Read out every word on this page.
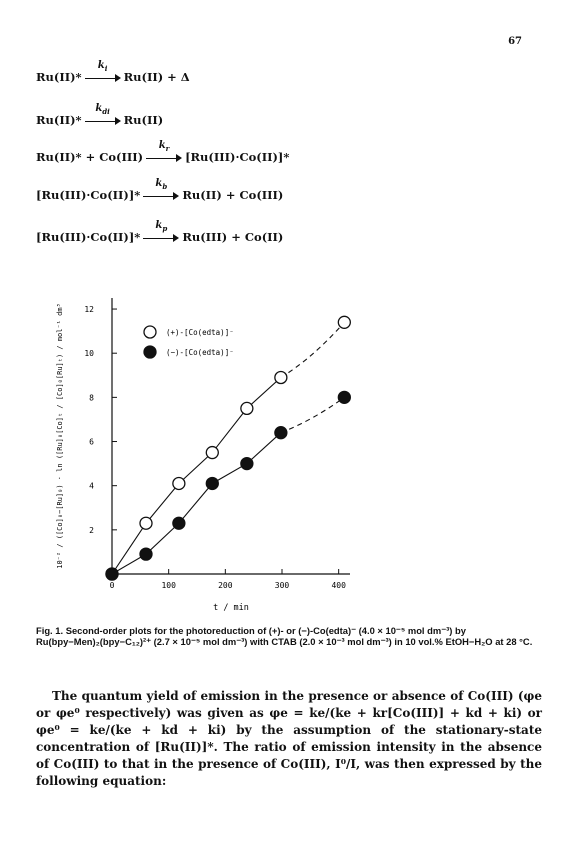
67
Ru(II)*
$k_i$
Ru(II) + Δ
Ru(II)*
$k_{di}$
Ru(II)
Ru(II)* + Co(III)
$k_r$
[Ru(III)·Co(II)]*
[Ru(III)·Co(II)]*
$k_b$
Ru(II) + Co(III)
[Ru(III)·Co(II)]*
$k_p$
Ru(III) + Co(II)
0	100	200	300	400
2
4
6
8
10
12
t / min
10⁻² / ([Co]₀−[Ru]₀) · ln ([Ru]₀[Co]ₜ / [Co]₀[Ru]ₜ) / mol⁻¹ dm³	(+)-[Co(edta)]⁻
(−)-[Co(edta)]⁻
Fig. 1. Second-order plots for the photoreduction of (+)- or (−)-Co(edta)⁻ (4.0 × 10⁻⁵ mol dm⁻³) by Ru(bpy−Men)₂(bpy−C₁₂)²⁺ (2.7 × 10⁻⁵ mol dm⁻³) with CTAB (2.0 × 10⁻³ mol dm⁻³) in 10 vol.% EtOH−H₂O at 28 °C.
The quantum yield of emission in the presence or absence of Co(III) (φe or φe⁰ respectively) was given as φe = ke/(ke + kr[Co(III)] + kd + ki) or φe⁰ = ke/(ke + kd + ki) by the assumption of the stationary-state concentration of [Ru(II)]*. The ratio of emission intensity in the absence of Co(III) to that in the presence of Co(III), I⁰/I, was then expressed by the following equation:
